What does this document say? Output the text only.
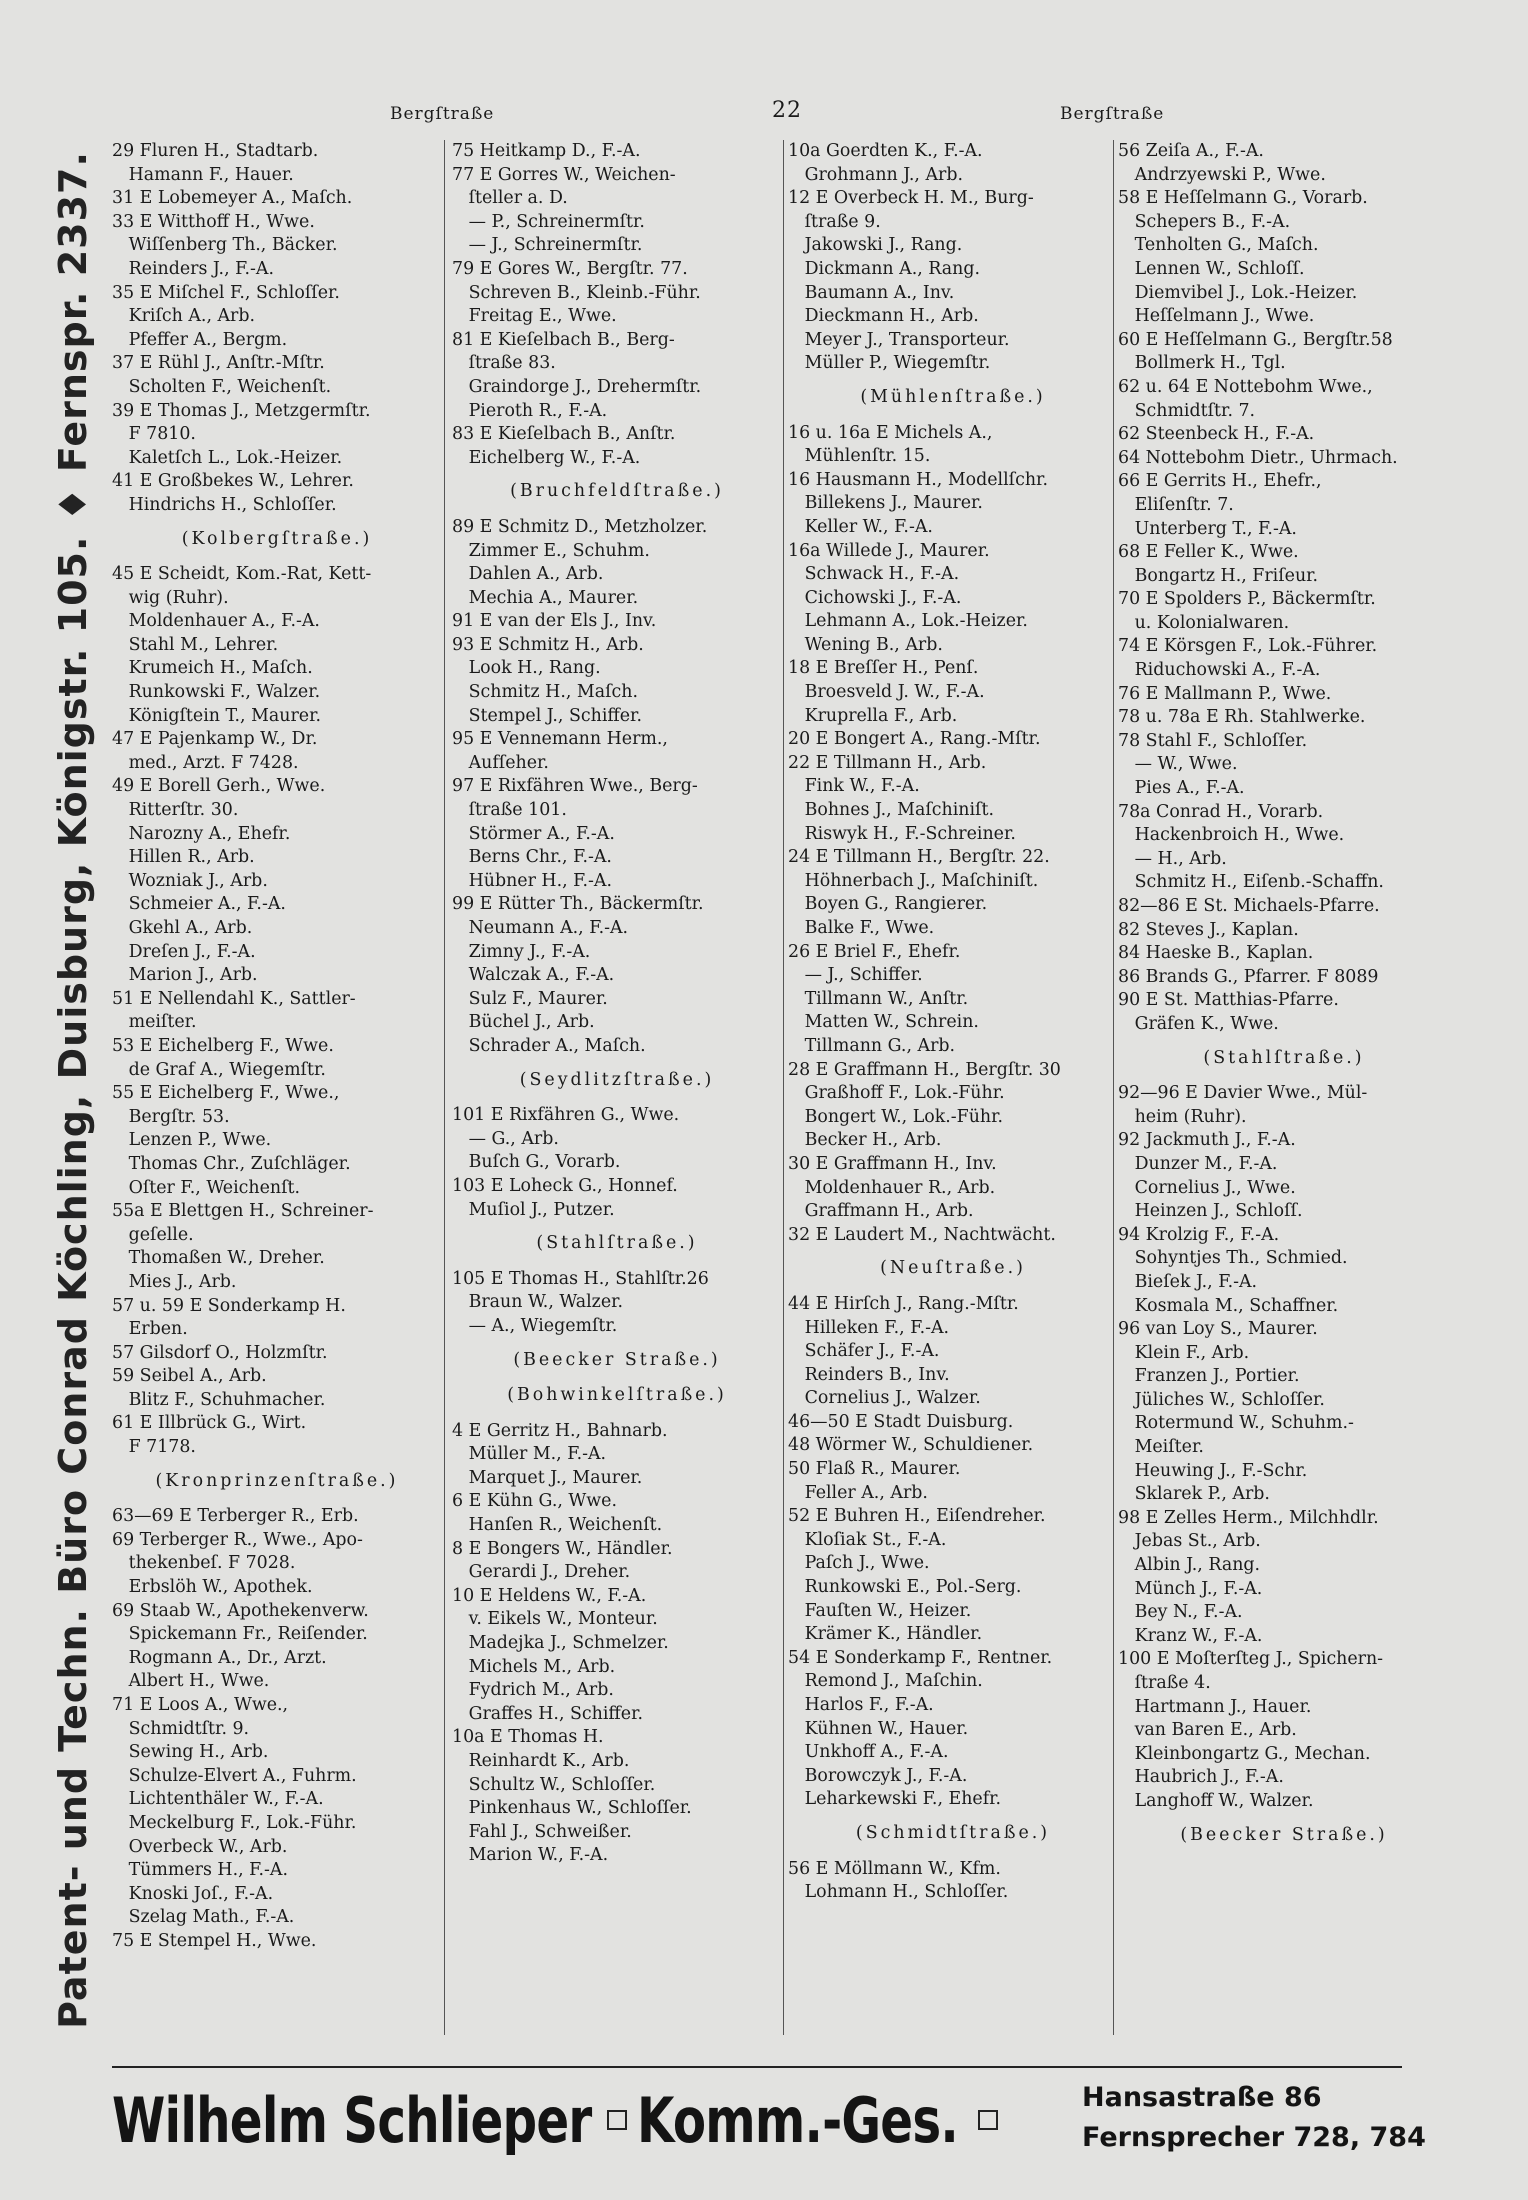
Patent- und Techn. Büro Conrad Köchling, Duisburg, Königstr. 105. ♦ Fernspr. 2337.
Bergſtraße	22	Bergſtraße
29 Fluren H., Stadtarb.
Hamann F., Hauer.
31 E Lobemeyer A., Maſch.
33 E Witthoff H., Wwe.
Wiſſenberg Th., Bäcker.
Reinders J., F.-A.
35 E Miſchel F., Schloſſer.
Kriſch A., Arb.
Pfeffer A., Bergm.
37 E Rühl J., Anſtr.-Mſtr.
Scholten F., Weichenſt.
39 E Thomas J., Metzgermſtr.
F 7810.
Kaletſch L., Lok.-Heizer.
41 E Großbekes W., Lehrer.
Hindrichs H., Schloſſer.
(Kolbergſtraße.)
45 E Scheidt, Kom.-Rat, Kett-
wig (Ruhr).
Moldenhauer A., F.-A.
Stahl M., Lehrer.
Krumeich H., Maſch.
Runkowski F., Walzer.
Königſtein T., Maurer.
47 E Pajenkamp W., Dr.
med., Arzt. F 7428.
49 E Borell Gerh., Wwe.
Ritterſtr. 30.
Narozny A., Ehefr.
Hillen R., Arb.
Wozniak J., Arb.
Schmeier A., F.-A.
Gkehl A., Arb.
Dreſen J., F.-A.
Marion J., Arb.
51 E Nellendahl K., Sattler-
meiſter.
53 E Eichelberg F., Wwe.
de Graf A., Wiegemſtr.
55 E Eichelberg F., Wwe.,
Bergſtr. 53.
Lenzen P., Wwe.
Thomas Chr., Zuſchläger.
Oſter F., Weichenſt.
55a E Blettgen H., Schreiner-
geſelle.
Thomaßen W., Dreher.
Mies J., Arb.
57 u. 59 E Sonderkamp H.
Erben.
57 Gilsdorf O., Holzmſtr.
59 Seibel A., Arb.
Blitz F., Schuhmacher.
61 E Illbrück G., Wirt.
F 7178.
(Kronprinzenſtraße.)
63—69 E Terberger R., Erb.
69 Terberger R., Wwe., Apo-
thekenbeſ. F 7028.
Erbslöh W., Apothek.
69 Staab W., Apothekenverw.
Spickemann Fr., Reiſender.
Rogmann A., Dr., Arzt.
Albert H., Wwe.
71 E Loos A., Wwe.,
Schmidtſtr. 9.
Sewing H., Arb.
Schulze-Elvert A., Fuhrm.
Lichtenthäler W., F.-A.
Meckelburg F., Lok.-Führ.
Overbeck W., Arb.
Tümmers H., F.-A.
Knoski Joſ., F.-A.
Szelag Math., F.-A.
75 E Stempel H., Wwe.
75 Heitkamp D., F.-A.
77 E Gorres W., Weichen-
ſteller a. D.
— P., Schreinermſtr.
— J., Schreinermſtr.
79 E Gores W., Bergſtr. 77.
Schreven B., Kleinb.-Führ.
Freitag E., Wwe.
81 E Kieſelbach B., Berg-
ſtraße 83.
Graindorge J., Drehermſtr.
Pieroth R., F.-A.
83 E Kieſelbach B., Anſtr.
Eichelberg W., F.-A.
(Bruchfeldſtraße.)
89 E Schmitz D., Metzholzer.
Zimmer E., Schuhm.
Dahlen A., Arb.
Mechia A., Maurer.
91 E van der Els J., Inv.
93 E Schmitz H., Arb.
Look H., Rang.
Schmitz H., Maſch.
Stempel J., Schiffer.
95 E Vennemann Herm.,
Aufſeher.
97 E Rixfähren Wwe., Berg-
ſtraße 101.
Störmer A., F.-A.
Berns Chr., F.-A.
Hübner H., F.-A.
99 E Rütter Th., Bäckermſtr.
Neumann A., F.-A.
Zimny J., F.-A.
Walczak A., F.-A.
Sulz F., Maurer.
Büchel J., Arb.
Schrader A., Maſch.
(Seydlitzſtraße.)
101 E Rixfähren G., Wwe.
— G., Arb.
Buſch G., Vorarb.
103 E Loheck G., Honnef.
Muſiol J., Putzer.
(Stahlſtraße.)
105 E Thomas H., Stahlſtr.26
Braun W., Walzer.
— A., Wiegemſtr.
(Beecker Straße.)
(Bohwinkelſtraße.)
4 E Gerritz H., Bahnarb.
Müller M., F.-A.
Marquet J., Maurer.
6 E Kühn G., Wwe.
Hanſen R., Weichenſt.
8 E Bongers W., Händler.
Gerardi J., Dreher.
10 E Heldens W., F.-A.
v. Eikels W., Monteur.
Madejka J., Schmelzer.
Michels M., Arb.
Fydrich M., Arb.
Graffes H., Schiffer.
10a E Thomas H.
Reinhardt K., Arb.
Schultz W., Schloſſer.
Pinkenhaus W., Schloſſer.
Fahl J., Schweißer.
Marion W., F.-A.
10a Goerdten K., F.-A.
Grohmann J., Arb.
12 E Overbeck H. M., Burg-
ſtraße 9.
Jakowski J., Rang.
Dickmann A., Rang.
Baumann A., Inv.
Dieckmann H., Arb.
Meyer J., Transporteur.
Müller P., Wiegemſtr.
(Mühlenſtraße.)
16 u. 16a E Michels A.,
Mühlenſtr. 15.
16 Hausmann H., Modellſchr.
Billekens J., Maurer.
Keller W., F.-A.
16a Willede J., Maurer.
Schwack H., F.-A.
Cichowski J., F.-A.
Lehmann A., Lok.-Heizer.
Wening B., Arb.
18 E Breſſer H., Penſ.
Broesveld J. W., F.-A.
Kruprella F., Arb.
20 E Bongert A., Rang.-Mſtr.
22 E Tillmann H., Arb.
Fink W., F.-A.
Bohnes J., Maſchiniſt.
Riswyk H., F.-Schreiner.
24 E Tillmann H., Bergſtr. 22.
Höhnerbach J., Maſchiniſt.
Boyen G., Rangierer.
Balke F., Wwe.
26 E Briel F., Ehefr.
— J., Schiffer.
Tillmann W., Anſtr.
Matten W., Schrein.
Tillmann G., Arb.
28 E Graffmann H., Bergſtr. 30
Graßhoff F., Lok.-Führ.
Bongert W., Lok.-Führ.
Becker H., Arb.
30 E Graffmann H., Inv.
Moldenhauer R., Arb.
Graffmann H., Arb.
32 E Laudert M., Nachtwächt.
(Neuſtraße.)
44 E Hirſch J., Rang.-Mſtr.
Hilleken F., F.-A.
Schäfer J., F.-A.
Reinders B., Inv.
Cornelius J., Walzer.
46—50 E Stadt Duisburg.
48 Wörmer W., Schuldiener.
50 Flaß R., Maurer.
Feller A., Arb.
52 E Buhren H., Eiſendreher.
Kloſiak St., F.-A.
Paſch J., Wwe.
Runkowski E., Pol.-Serg.
Fauſten W., Heizer.
Krämer K., Händler.
54 E Sonderkamp F., Rentner.
Remond J., Maſchin.
Harlos F., F.-A.
Kühnen W., Hauer.
Unkhoff A., F.-A.
Borowczyk J., F.-A.
Leharkewski F., Ehefr.
(Schmidtſtraße.)
56 E Möllmann W., Kfm.
Lohmann H., Schloſſer.
56 Zeiſa A., F.-A.
Andrzyewski P., Wwe.
58 E Heſſelmann G., Vorarb.
Schepers B., F.-A.
Tenholten G., Maſch.
Lennen W., Schloſſ.
Diemvibel J., Lok.-Heizer.
Heſſelmann J., Wwe.
60 E Heſſelmann G., Bergſtr.58
Bollmerk H., Tgl.
62 u. 64 E Nottebohm Wwe.,
Schmidtſtr. 7.
62 Steenbeck H., F.-A.
64 Nottebohm Dietr., Uhrmach.
66 E Gerrits H., Ehefr.,
Eliſenſtr. 7.
Unterberg T., F.-A.
68 E Feller K., Wwe.
Bongartz H., Friſeur.
70 E Spolders P., Bäckermſtr.
u. Kolonialwaren.
74 E Körsgen F., Lok.-Führer.
Riduchowski A., F.-A.
76 E Mallmann P., Wwe.
78 u. 78a E Rh. Stahlwerke.
78 Stahl F., Schloſſer.
— W., Wwe.
Pies A., F.-A.
78a Conrad H., Vorarb.
Hackenbroich H., Wwe.
— H., Arb.
Schmitz H., Eiſenb.-Schaffn.
82—86 E St. Michaels-Pfarre.
82 Steves J., Kaplan.
84 Haeske B., Kaplan.
86 Brands G., Pfarrer. F 8089
90 E St. Matthias-Pfarre.
Gräfen K., Wwe.
(Stahlſtraße.)
92—96 E Davier Wwe., Mül-
heim (Ruhr).
92 Jackmuth J., F.-A.
Dunzer M., F.-A.
Cornelius J., Wwe.
Heinzen J., Schloſſ.
94 Krolzig F., F.-A.
Sohyntjes Th., Schmied.
Bieſek J., F.-A.
Kosmala M., Schaffner.
96 van Loy S., Maurer.
Klein F., Arb.
Franzen J., Portier.
Jüliches W., Schloſſer.
Rotermund W., Schuhm.-
Meiſter.
Heuwing J., F.-Schr.
Sklarek P., Arb.
98 E Zelles Herm., Milchhdlr.
Jebas St., Arb.
Albin J., Rang.
Münch J., F.-A.
Bey N., F.-A.
Kranz W., F.-A.
100 E Moſterſteg J., Spichern-
ſtraße 4.
Hartmann J., Hauer.
van Baren E., Arb.
Kleinbongartz G., Mechan.
Haubrich J., F.-A.
Langhoff W., Walzer.
(Beecker Straße.)
Wilhelm Schlieper Komm.-Ges.	Hansastraße 86
Fernsprecher 728, 784
